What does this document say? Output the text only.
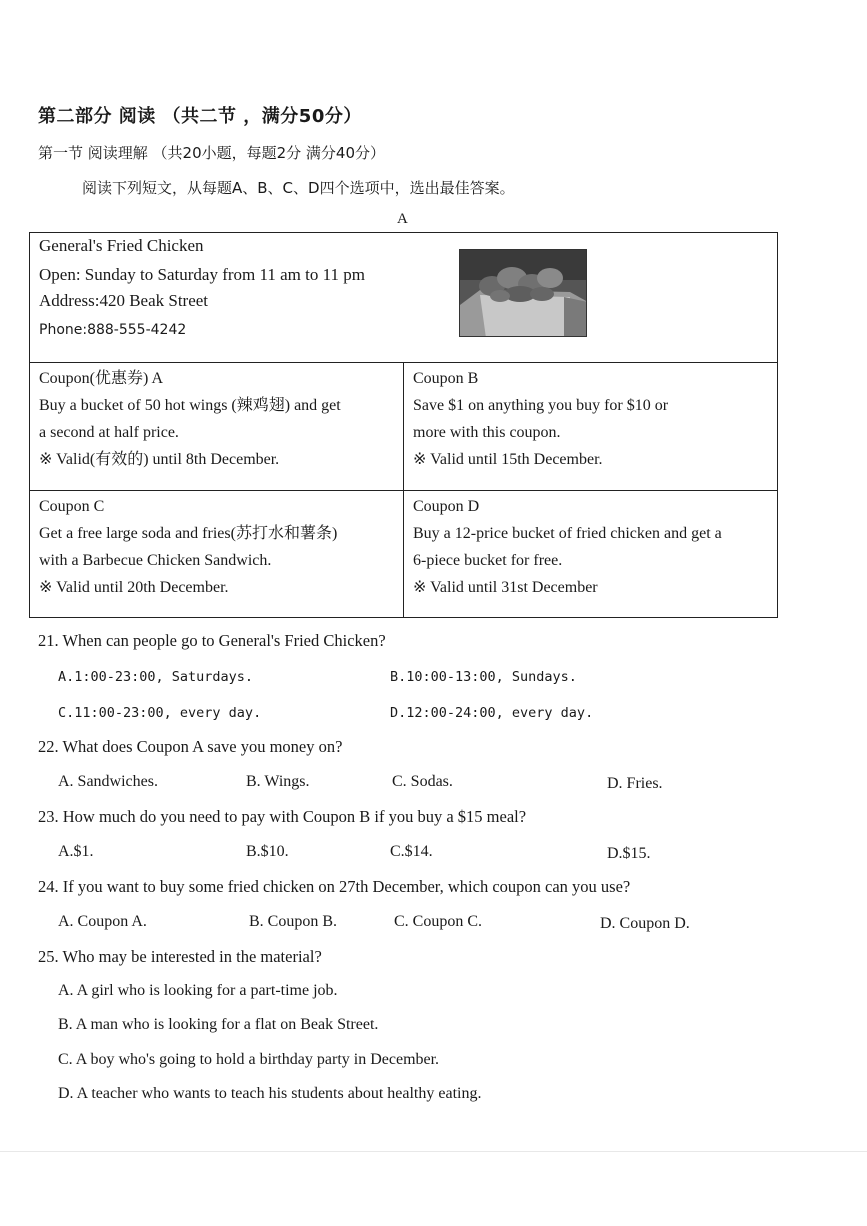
第二部分 阅读 （共二节 ，满分50分）
第一节 阅读理解 （共20小题，每题2分 满分40分）
阅读下列短文，从每题A、B、C、D四个选项中，选出最佳答案。
A
General's Fried Chicken
Open: Sunday to Saturday from 11 am to 11 pm
Address:420 Beak Street
Phone:888-555-4242
Coupon(优惠券) A
Buy a bucket of 50 hot wings (辣鸡翅) and get
a second at half price.
※ Valid(有效的) until 8th December.
Coupon B
Save $1 on anything you buy for $10 or
more with this coupon.
※ Valid until 15th December.
Coupon C
Get a free large soda and fries(苏打水和薯条)
with a Barbecue Chicken Sandwich.
※ Valid until 20th December.
Coupon D
Buy a 12-price bucket of fried chicken and get a
6-piece bucket for free.
※ Valid until 31st December
21. When can people go to General's Fried Chicken?
A.1:00-23:00, Saturdays.	B.10:00-13:00, Sundays.
C.11:00-23:00, every day.	D.12:00-24:00, every day.
22. What does Coupon A save you money on?
A. Sandwiches.	B. Wings.	C. Sodas.	D. Fries.
23. How much do you need to pay with Coupon B if you buy a $15 meal?
A.$1.	B.$10.	C.$14.	D.$15.
24. If you want to buy some fried chicken on 27th December, which coupon can you use?
A. Coupon A.	B. Coupon B.	C. Coupon C.	D. Coupon D.
25. Who may be interested in the material?
A. A girl who is looking for a part-time job.
B. A man who is looking for a flat on Beak Street.
C. A boy who's going to hold a birthday party in December.
D. A teacher who wants to teach his students about healthy eating.
